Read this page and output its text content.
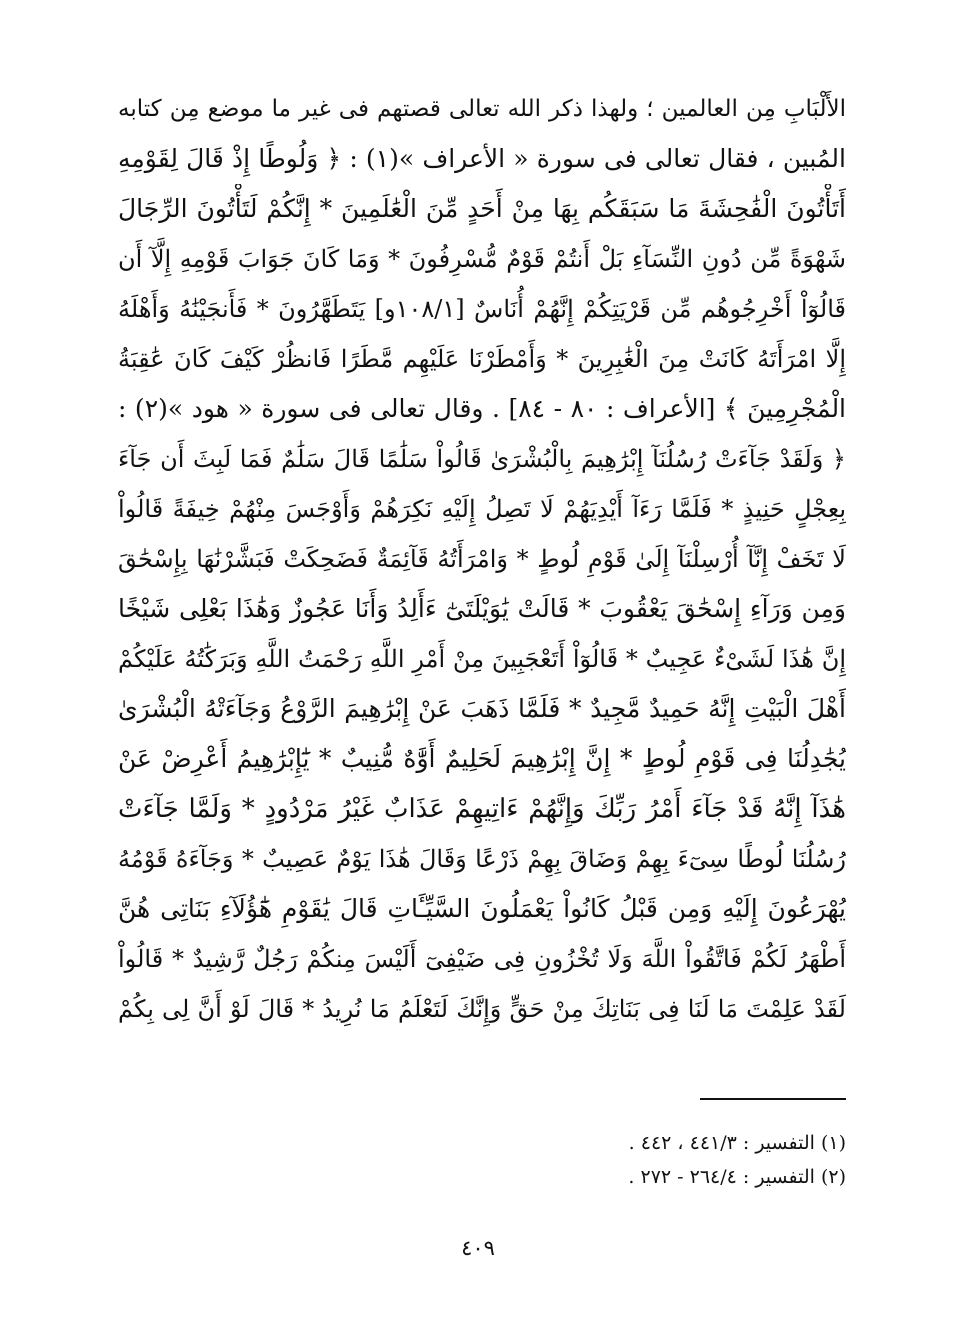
الأَلْبَابِ مِن العالمين ؛ ولهذا ذكر الله تعالى قصتهم فى غير ما موضع مِن كتابه
المُبين ، فقال تعالى فى سورة « الأعراف »(١) : ﴿ وَلُوطًا إِذْ قَالَ لِقَوْمِهِ
أَتَأْتُونَ الْفَٰحِشَةَ مَا سَبَقَكُم بِهَا مِنْ أَحَدٍ مِّنَ الْعَٰلَمِينَ * إِنَّكُمْ لَتَأْتُونَ الرِّجَالَ
شَهْوَةً مِّن دُونِ النِّسَآءِ بَلْ أَنتُمْ قَوْمٌ مُّسْرِفُونَ * وَمَا كَانَ جَوَابَ قَوْمِهِ إِلَّآ أَن
قَالُوٓاْ أَخْرِجُوهُم مِّن قَرْيَتِكُمْ إِنَّهُمْ أُنَاسٌ [١٠٨/١و] يَتَطَهَّرُونَ * فَأَنجَيْنَٰهُ وَأَهْلَهُ
إِلَّا امْرَأَتَهُ كَانَتْ مِنَ الْغَٰبِرِينَ * وَأَمْطَرْنَا عَلَيْهِم مَّطَرًا فَانظُرْ كَيْفَ كَانَ عَٰقِبَةُ
الْمُجْرِمِينَ ﴾ [الأعراف : ٨٠ - ٨٤] . وقال تعالى فى سورة « هود »(٢) :
﴿ وَلَقَدْ جَآءَتْ رُسُلُنَآ إِبْرَٰهِيمَ بِالْبُشْرَىٰ قَالُواْ سَلَٰمًا قَالَ سَلَٰمٌ فَمَا لَبِثَ أَن جَآءَ
بِعِجْلٍ حَنِيذٍ * فَلَمَّا رَءَآ أَيْدِيَهُمْ لَا تَصِلُ إِلَيْهِ نَكِرَهُمْ وَأَوْجَسَ مِنْهُمْ خِيفَةً قَالُواْ
لَا تَخَفْ إِنَّآ أُرْسِلْنَآ إِلَىٰ قَوْمِ لُوطٍ * وَامْرَأَتُهُ قَآئِمَةٌ فَضَحِكَتْ فَبَشَّرْنَٰهَا بِإِسْحَٰقَ
وَمِن وَرَآءِ إِسْحَٰقَ يَعْقُوبَ * قَالَتْ يَٰوَيْلَتَىٰٓ ءَأَلِدُ وَأَنَا عَجُوزٌ وَهَٰذَا بَعْلِى شَيْخًا
إِنَّ هَٰذَا لَشَىْءٌ عَجِيبٌ * قَالُوٓاْ أَتَعْجَبِينَ مِنْ أَمْرِ اللَّهِ رَحْمَتُ اللَّهِ وَبَرَكَٰتُهُ عَلَيْكُمْ
أَهْلَ الْبَيْتِ إِنَّهُ حَمِيدٌ مَّجِيدٌ * فَلَمَّا ذَهَبَ عَنْ إِبْرَٰهِيمَ الرَّوْعُ وَجَآءَتْهُ الْبُشْرَىٰ
يُجَٰدِلُنَا فِى قَوْمِ لُوطٍ * إِنَّ إِبْرَٰهِيمَ لَحَلِيمٌ أَوَّٰهٌ مُّنِيبٌ * يَٰٓإِبْرَٰهِيمُ أَعْرِضْ عَنْ
هَٰذَآ إِنَّهُ قَدْ جَآءَ أَمْرُ رَبِّكَ وَإِنَّهُمْ ءَاتِيهِمْ عَذَابٌ غَيْرُ مَرْدُودٍ * وَلَمَّا جَآءَتْ
رُسُلُنَا لُوطًا سِىٓءَ بِهِمْ وَضَاقَ بِهِمْ ذَرْعًا وَقَالَ هَٰذَا يَوْمٌ عَصِيبٌ * وَجَآءَهُ قَوْمُهُ
يُهْرَعُونَ إِلَيْهِ وَمِن قَبْلُ كَانُواْ يَعْمَلُونَ السَّيِّـَٔاتِ قَالَ يَٰقَوْمِ هَٰٓؤُلَآءِ بَنَاتِى هُنَّ
أَطْهَرُ لَكُمْ فَاتَّقُواْ اللَّهَ وَلَا تُخْزُونِ فِى ضَيْفِىٓ أَلَيْسَ مِنكُمْ رَجُلٌ رَّشِيدٌ * قَالُواْ
لَقَدْ عَلِمْتَ مَا لَنَا فِى بَنَاتِكَ مِنْ حَقٍّ وَإِنَّكَ لَتَعْلَمُ مَا نُرِيدُ * قَالَ لَوْ أَنَّ لِى بِكُمْ
(١) التفسير : ٤٤١/٣ ، ٤٤٢ .
(٢) التفسير : ٢٦٤/٤ - ٢٧٢ .
٤٠٩
